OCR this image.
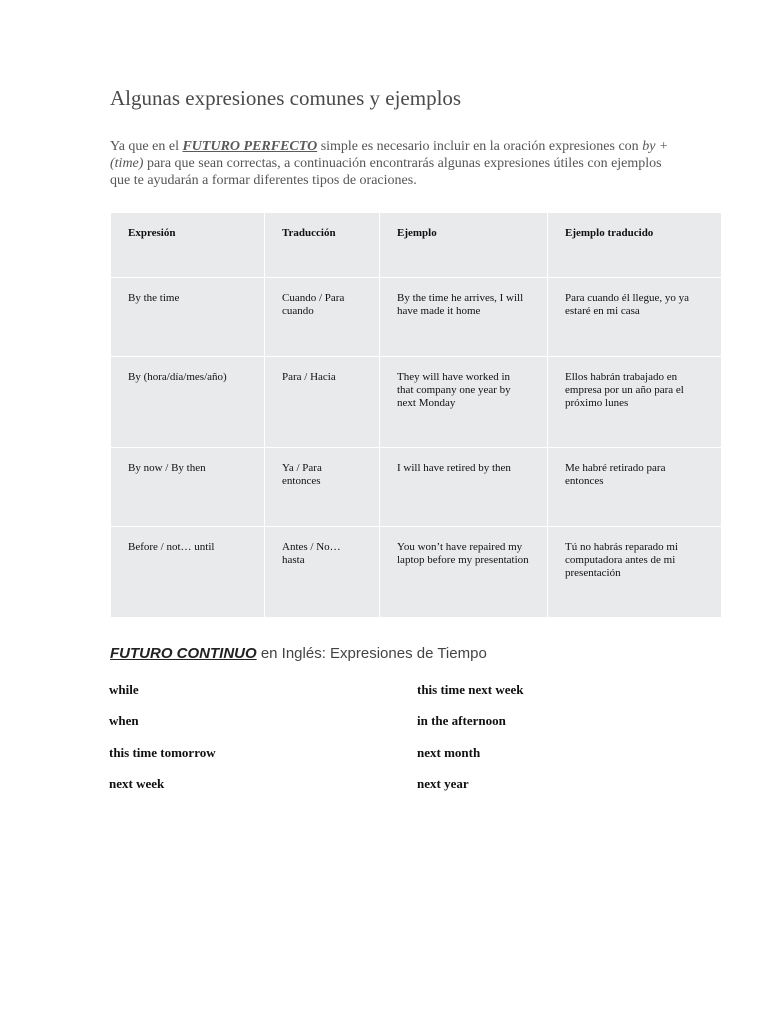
Algunas expresiones comunes y ejemplos
Ya que en el FUTURO PERFECTO simple es necesario incluir en la oración expresiones con by + (time) para que sean correctas, a continuación encontrarás algunas expresiones útiles con ejemplos que te ayudarán a formar diferentes tipos de oraciones.
Expresión	Traducción	Ejemplo	Ejemplo traducido
By the time	Cuando / Para cuando	By the time he arrives, I will have made it home	Para cuando él llegue, yo ya estaré en mi casa
By (hora/día/mes/año)	Para / Hacia	They will have worked in that company one year by next Monday	Ellos habrán trabajado en empresa por un año para el próximo lunes
By now / By then	Ya / Para entonces	I will have retired by then	Me habré retirado para entonces
Before / not… until	Antes / No… hasta	You won’t have repaired my laptop before my presentation	Tú no habrás reparado mi computadora antes de mi presentación
FUTURO CONTINUO en Inglés: Expresiones de Tiempo
while
when
this time tomorrow
next week
this time next week
in the afternoon
next month
next year
